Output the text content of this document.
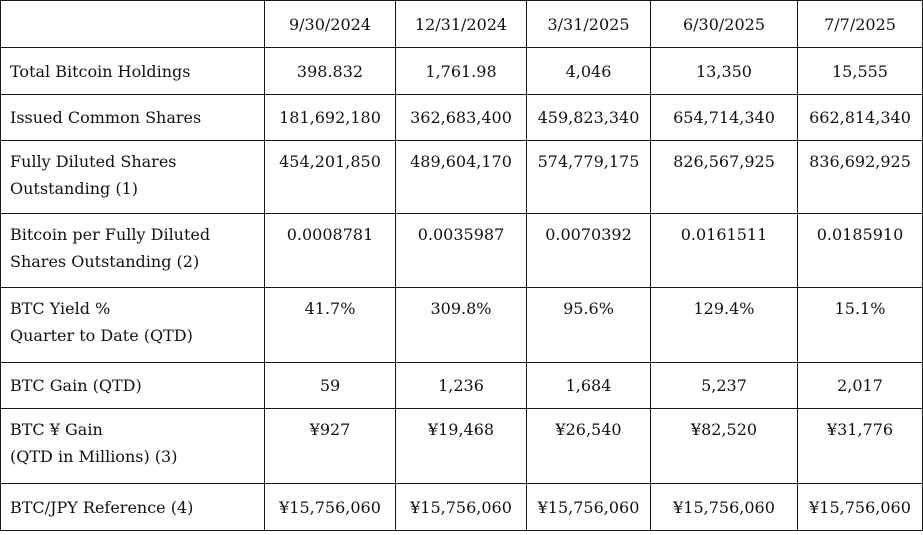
	9/30/2024	12/31/2024	3/31/2025	6/30/2025	7/7/2025
Total Bitcoin Holdings	398.832	1,761.98	4,046	13,350	15,555
Issued Common Shares	181,692,180	362,683,400	459,823,340	654,714,340	662,814,340
Fully Diluted Shares
Outstanding (1)	454,201,850	489,604,170	574,779,175	826,567,925	836,692,925
Bitcoin per Fully Diluted
Shares Outstanding (2)	0.0008781	0.0035987	0.0070392	0.0161511	0.0185910
BTC Yield %
Quarter to Date (QTD)	41.7%	309.8%	95.6%	129.4%	15.1%
BTC Gain (QTD)	59	1,236	1,684	5,237	2,017
BTC ¥ Gain
(QTD in Millions) (3)	¥927	¥19,468	¥26,540	¥82,520	¥31,776
BTC/JPY Reference (4)	¥15,756,060	¥15,756,060	¥15,756,060	¥15,756,060	¥15,756,060
